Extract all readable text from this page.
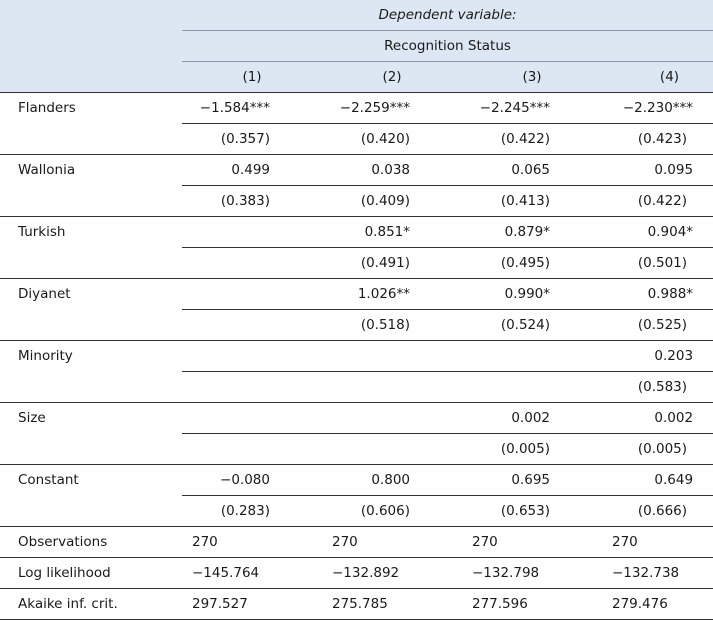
	Dependent variable:			
	Recognition Status			
	(1)	(2)	(3)	(4)
Flanders	−1.584***	−2.259***	−2.245***	−2.230***
	(0.357)	(0.420)	(0.422)	(0.423)
Wallonia	0.499	0.038	0.065	0.095
	(0.383)	(0.409)	(0.413)	(0.422)
Turkish		0.851*	0.879*	0.904*
		(0.491)	(0.495)	(0.501)
Diyanet		1.026**	0.990*	0.988*
		(0.518)	(0.524)	(0.525)
Minority				0.203
				(0.583)
Size			0.002	0.002
			(0.005)	(0.005)
Constant	−0.080	0.800	0.695	0.649
	(0.283)	(0.606)	(0.653)	(0.666)
Observations	270	270	270	270
Log likelihood	−145.764	−132.892	−132.798	−132.738
Akaike inf. crit.	297.527	275.785	277.596	279.476
